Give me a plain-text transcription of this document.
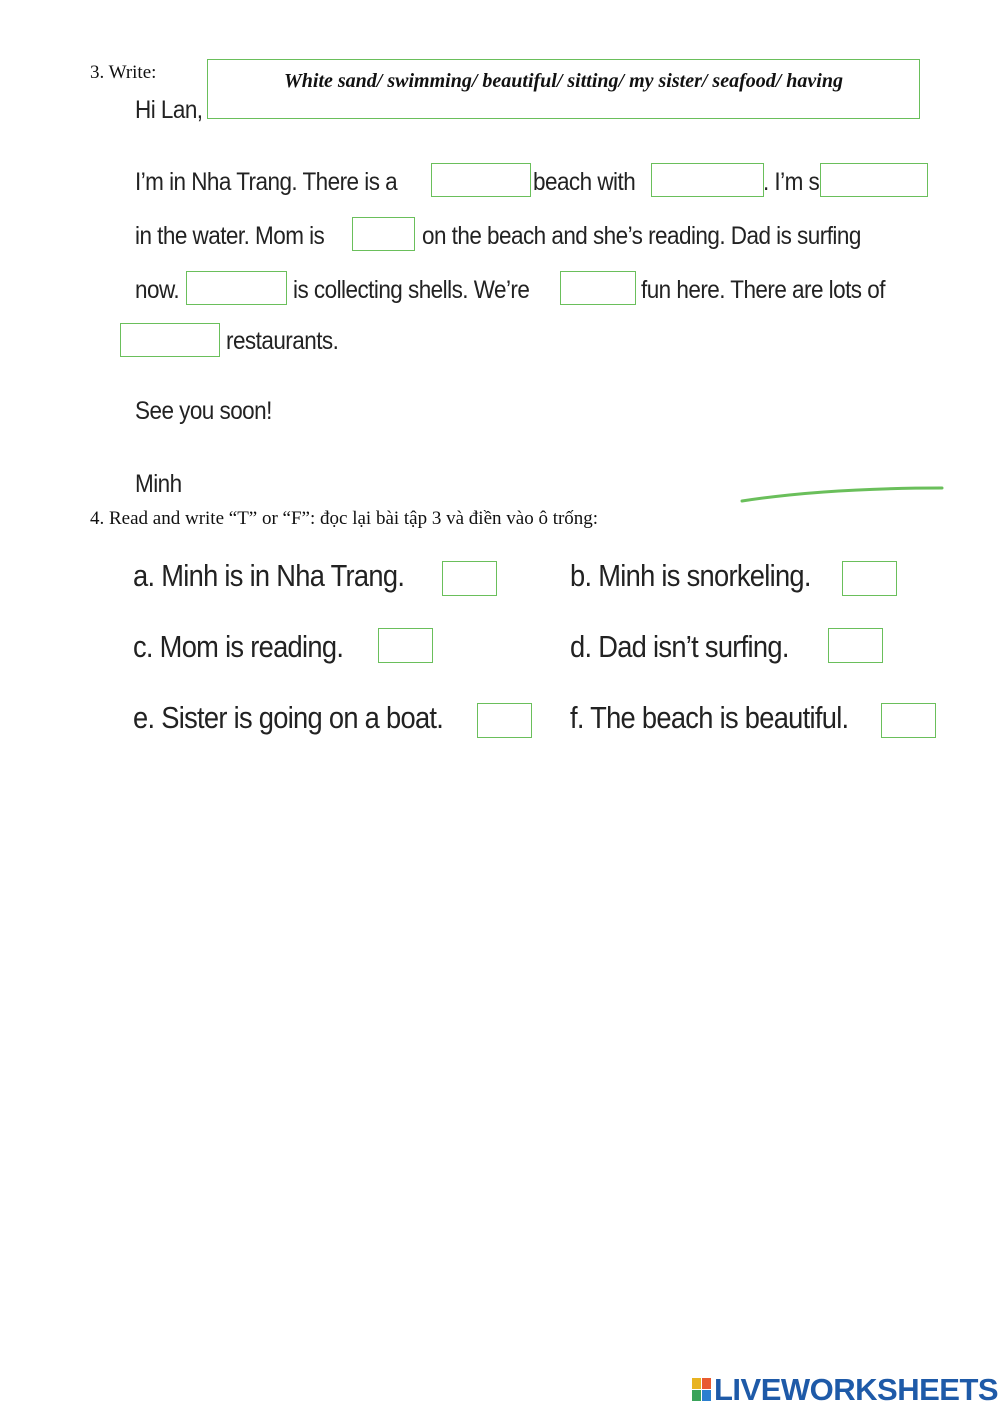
3. Write:
Hi Lan,
White sand/ swimming/ beautiful/ sitting/ my sister/ seafood/ having
I’m in Nha Trang. There is a	beach with	. I’m s
in the water. Mom is	on the beach and she’s reading. Dad is surfing
now.	is collecting shells. We’re	fun here. There are lots of
restaurants.
See you soon!
Minh
4. Read and write “T” or “F”: đọc lại bài tập 3 và điền vào ô trống:
a. Minh is in Nha Trang.	b. Minh is snorkeling.
c. Mom is reading.	d. Dad isn’t surfing.
e. Sister is going on a boat.	f. The beach is beautiful.
LIVEWORKSHEETS
